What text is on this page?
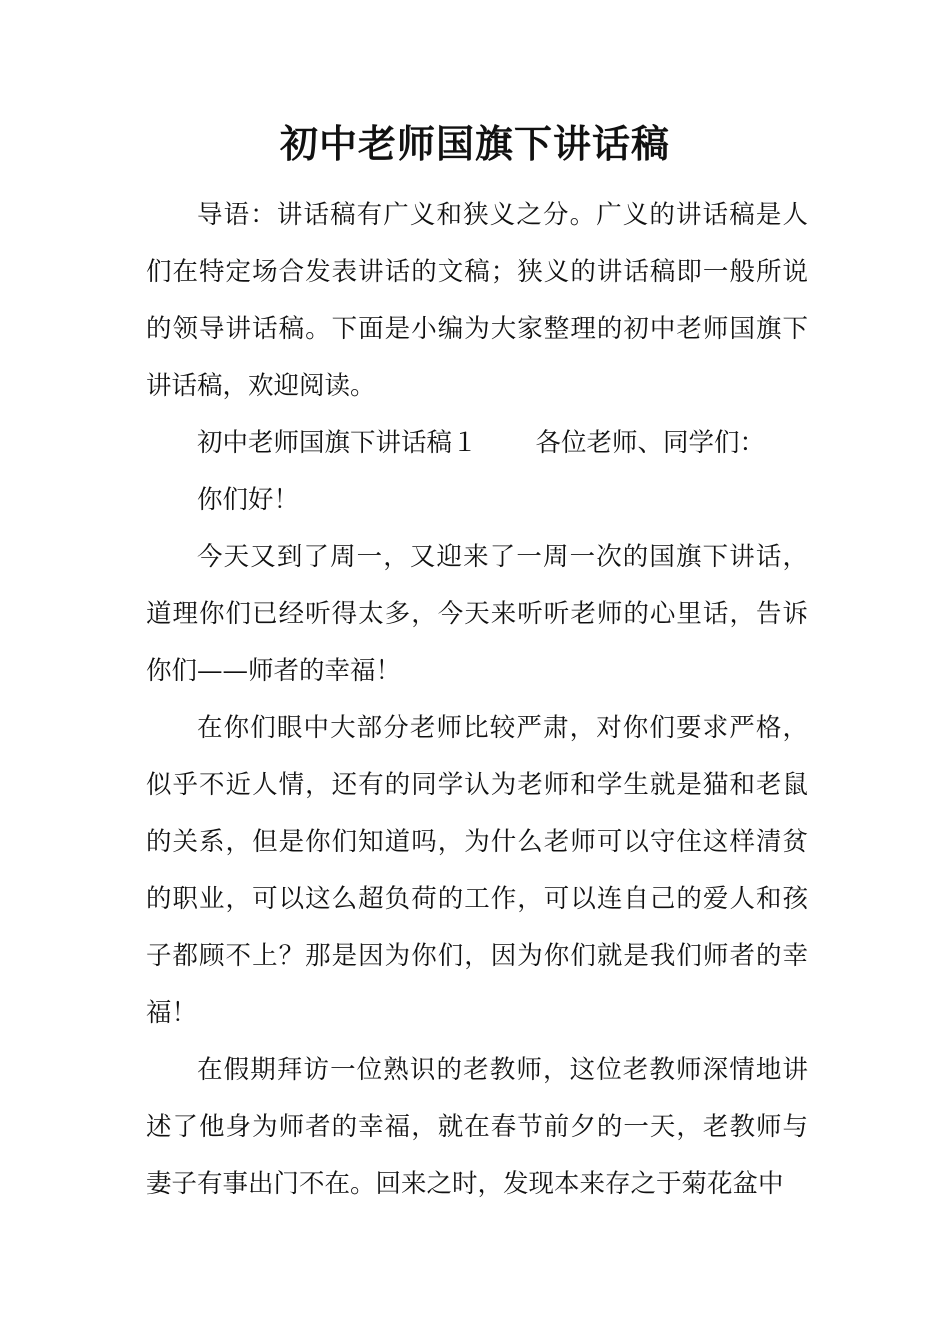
初中老师国旗下讲话稿

导语：讲话稿有广义和狭义之分。广义的讲话稿是人们在特定场合发表讲话的文稿；狭义的讲话稿即一般所说的领导讲话稿。下面是小编为大家整理的初中老师国旗下讲话稿，欢迎阅读。

初中老师国旗下讲话稿１ 各位老师、同学们：

你们好！

今天又到了周一，又迎来了一周一次的国旗下讲话，道理你们已经听得太多，今天来听听老师的心里话，告诉你们——师者的幸福！

在你们眼中大部分老师比较严肃，对你们要求严格，似乎不近人情，还有的同学认为老师和学生就是猫和老鼠的关系，但是你们知道吗，为什么老师可以守住这样清贫的职业，可以这么超负荷的工作，可以连自己的爱人和孩子都顾不上？那是因为你们，因为你们就是我们师者的幸福！

在假期拜访一位熟识的老教师，这位老教师深情地讲述了他身为师者的幸福，就在春节前夕的一天，老教师与妻子有事出门不在。回来之时，发现本来存之于菊花盆中
